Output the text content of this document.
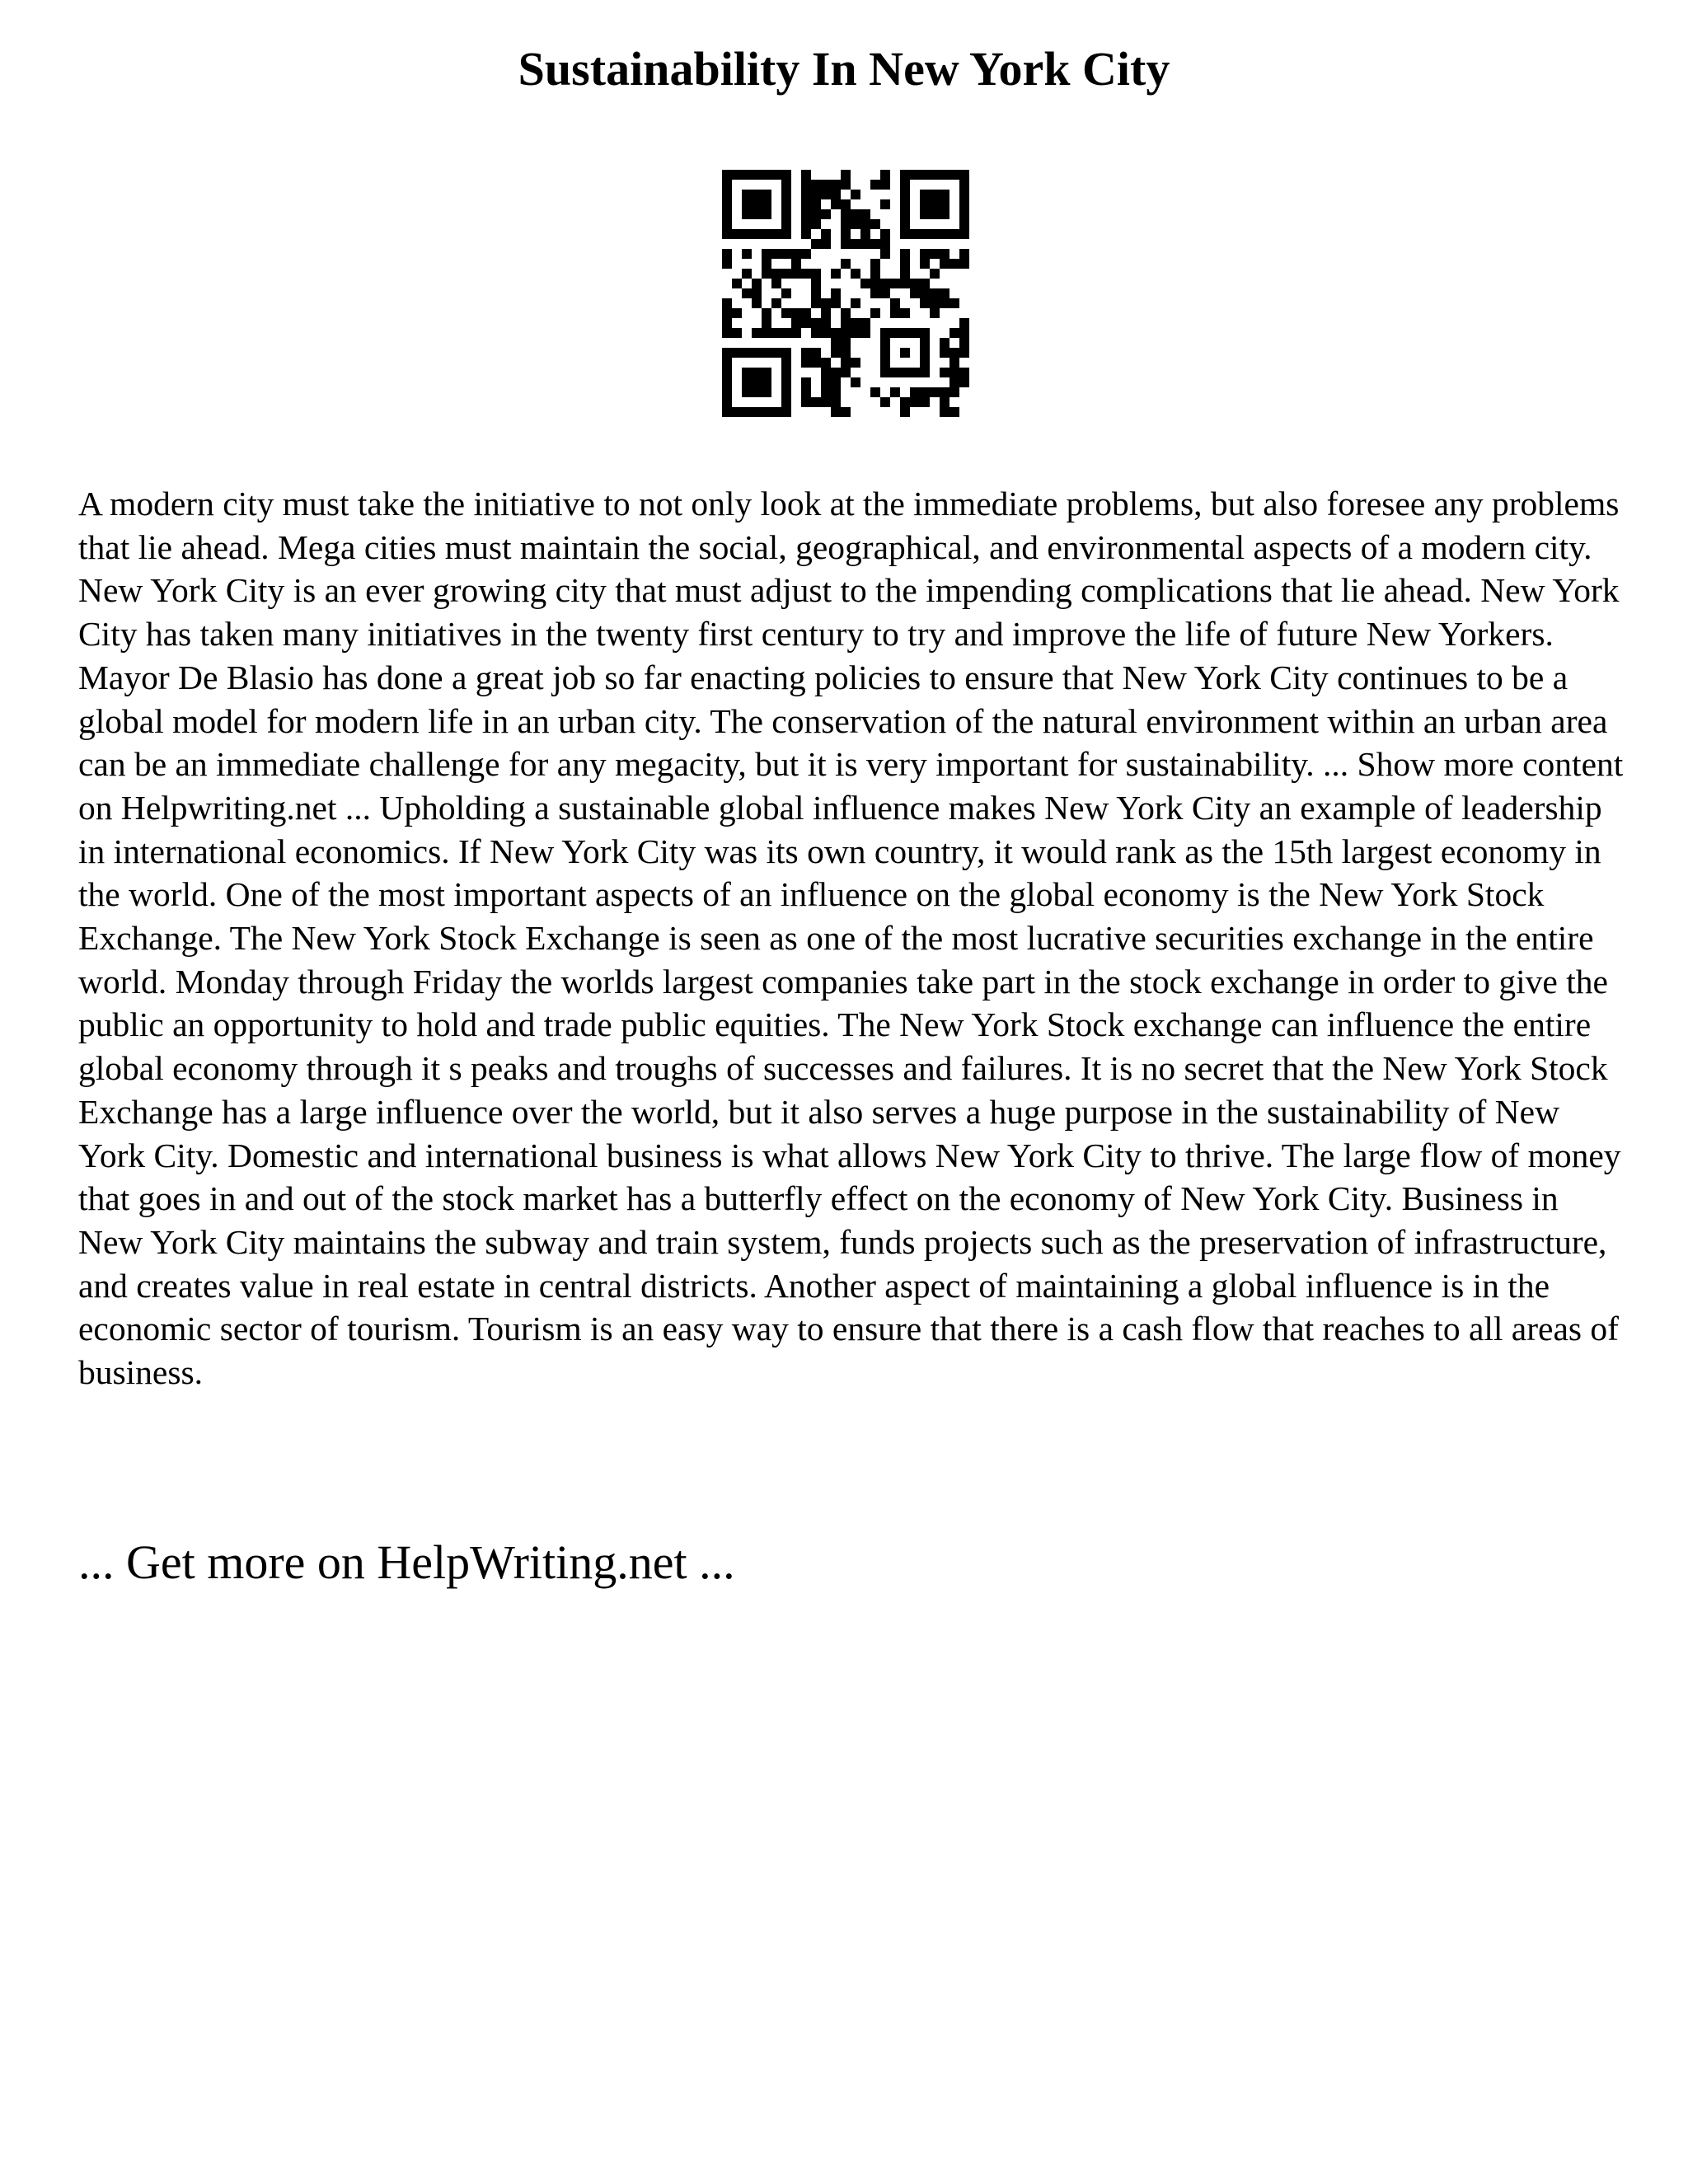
Sustainability In New York City

A modern city must take the initiative to not only look at the immediate problems, but also foresee any problems that lie ahead. Mega cities must maintain the social, geographical, and environmental aspects of a modern city. New York City is an ever growing city that must adjust to the impending complications that lie ahead. New York City has taken many initiatives in the twenty first century to try and improve the life of future New Yorkers. Mayor De Blasio has done a great job so far enacting policies to ensure that New York City continues to be a global model for modern life in an urban city. The conservation of the natural environment within an urban area can be an immediate challenge for any megacity, but it is very important for sustainability. ... Show more content on Helpwriting.net ... Upholding a sustainable global influence makes New York City an example of leadership in international economics. If New York City was its own country, it would rank as the 15th largest economy in the world. One of the most important aspects of an influence on the global economy is the New York Stock Exchange. The New York Stock Exchange is seen as one of the most lucrative securities exchange in the entire world. Monday through Friday the worlds largest companies take part in the stock exchange in order to give the public an opportunity to hold and trade public equities. The New York Stock exchange can influence the entire global economy through it s peaks and troughs of successes and failures. It is no secret that the New York Stock Exchange has a large influence over the world, but it also serves a huge purpose in the sustainability of New York City. Domestic and international business is what allows New York City to thrive. The large flow of money that goes in and out of the stock market has a butterfly effect on the economy of New York City. Business in New York City maintains the subway and train system, funds projects such as the preservation of infrastructure, and creates value in real estate in central districts. Another aspect of maintaining a global influence is in the economic sector of tourism. Tourism is an easy way to ensure that there is a cash flow that reaches to all areas of business.

... Get more on HelpWriting.net ...
